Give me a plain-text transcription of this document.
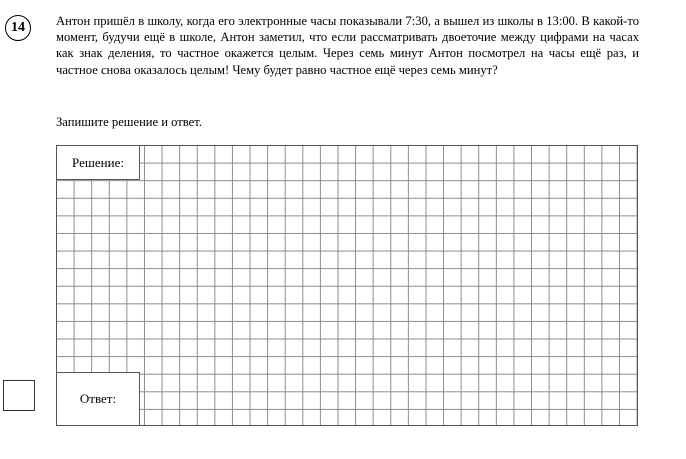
14 Антон пришёл в школу, когда его электронные часы показывали 7:30, а вышел из школы в 13:00. В какой-то момент, будучи ещё в школе, Антон заметил, что если рассматривать двоеточие между цифрами на часах как знак деления, то частное окажется целым. Через семь минут Антон посмотрел на часы ещё раз, и частное снова оказалось целым! Чему будет равно частное ещё через семь минут?

Запишите решение и ответ.

Решение:
Ответ:
